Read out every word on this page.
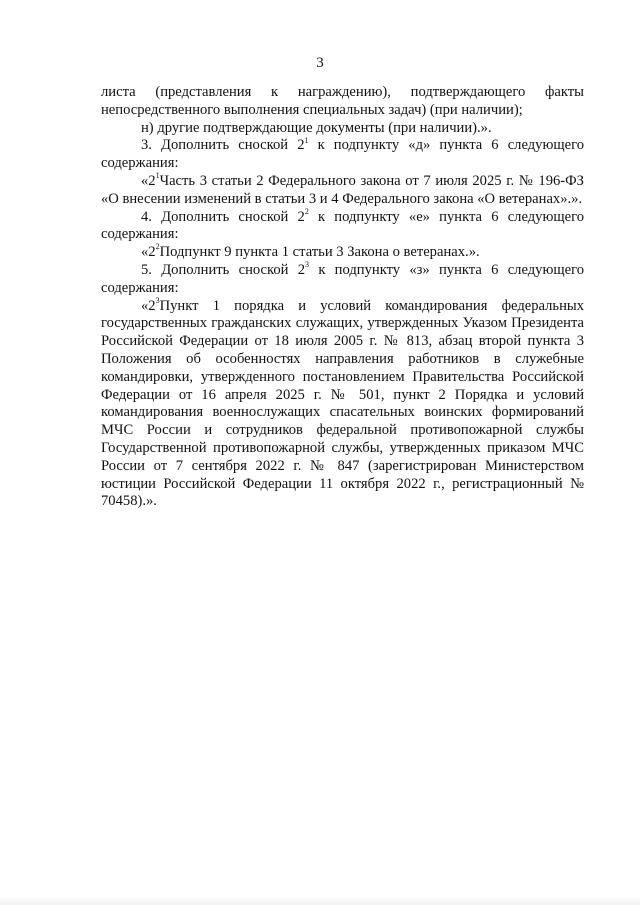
3

листа (представления к награждению), подтверждающего факты непосредственного выполнения специальных задач) (при наличии);

н) другие подтверждающие документы (при наличии).».

3. Дополнить сноской $2^1$ к подпункту «д» пункта 6 следующего содержания:

«$2^1Часть$ 3 статьи 2 Федерального закона от 7 июля 2025 г. № 196-ФЗ «О внесении изменений в статьи 3 и 4 Федерального закона «О ветеранах».».

4. Дополнить сноской $2^2$ к подпункту «е» пункта 6 следующего содержания:

«$2^2Подпункт$ 9 пункта 1 статьи 3 Закона о ветеранах.».

5. Дополнить сноской $2^3$ к подпункту «з» пункта 6 следующего содержания:

«$2^3Пункт$ 1 порядка и условий командирования федеральных государственных гражданских служащих, утвержденных Указом Президента Российской Федерации от 18 июля 2005 г. № 813, абзац второй пункта 3 Положения об особенностях направления работников в служебные командировки, утвержденного постановлением Правительства Российской Федерации от 16 апреля 2025 г. № 501, пункт 2 Порядка и условий командирования военнослужащих спасательных воинских формирований МЧС России и сотрудников федеральной противопожарной службы Государственной противопожарной службы, утвержденных приказом МЧС России от 7 сентября 2022 г. № 847 (зарегистрирован Министерством юстиции Российской Федерации 11 октября 2022 г., регистрационный № 70458).».
